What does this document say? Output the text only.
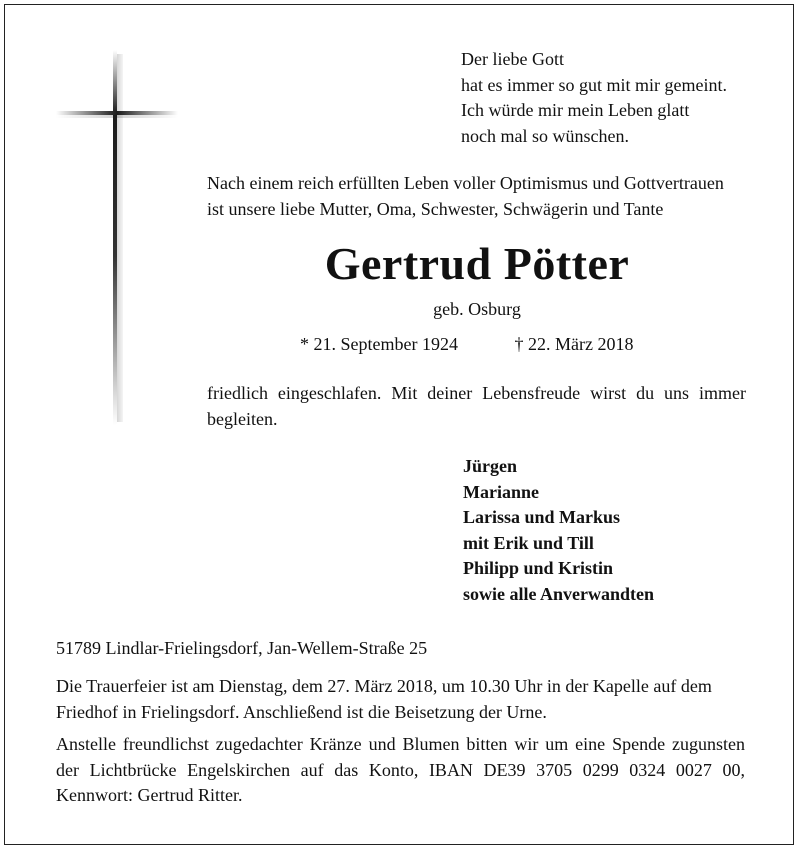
Der liebe Gott
hat es immer so gut mit mir gemeint.
Ich würde mir mein Leben glatt
noch mal so wünschen.
Nach einem reich erfüllten Leben voller Optimismus und Gottvertrauen
ist unsere liebe Mutter, Oma, Schwester, Schwägerin und Tante
Gertrud Pötter
geb. Osburg
* 21. September 1924	† 22. März 2018

friedlich eingeschlafen. Mit deiner Lebensfreude wirst du uns immer begleiten.

Jürgen
Marianne
Larissa und Markus
mit Erik und Till
Philipp und Kristin
sowie alle Anverwandten

51789 Lindlar-Frielingsdorf, Jan-Wellem-Straße 25

Die Trauerfeier ist am Dienstag, dem 27. März 2018, um 10.30 Uhr in der Kapelle auf dem Friedhof in Frielingsdorf. Anschließend ist die Beisetzung der Urne.

Anstelle freundlichst zugedachter Kränze und Blumen bitten wir um eine Spende zugunsten der Lichtbrücke Engelskirchen auf das Konto, IBAN DE39 3705 0299 0324 0027 00, Kennwort: Gertrud Ritter.
